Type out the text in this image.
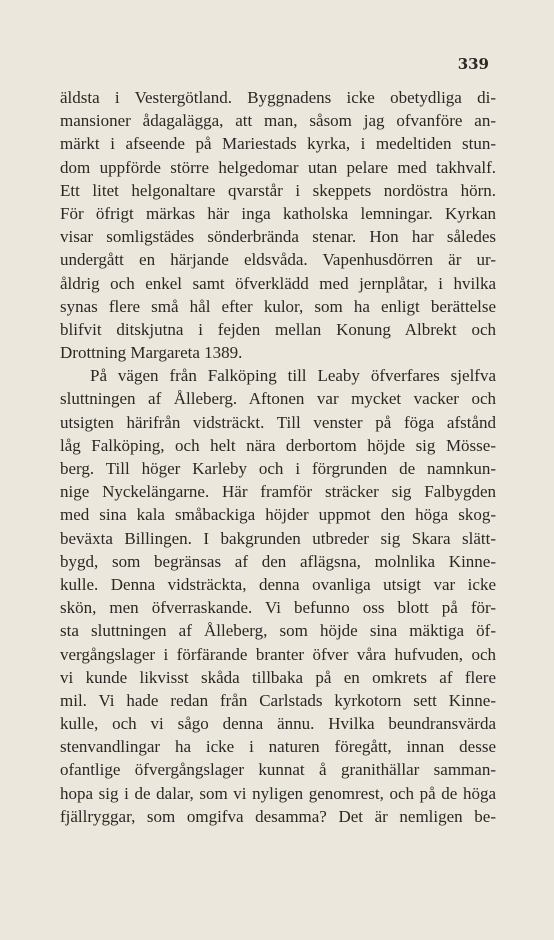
339
äldsta i Vestergötland. Byggnadens icke obetydliga di-
mansioner ådagalägga, att man, såsom jag ofvanföre an-
märkt i afseende på Mariestads kyrka, i medeltiden stun-
dom uppförde större helgedomar utan pelare med takhvalf.
Ett litet helgonaltare qvarstår i skeppets nordöstra hörn.
För öfrigt märkas här inga katholska lemningar. Kyrkan
visar somligstädes sönderbrända stenar. Hon har således
undergått en härjande eldsvåda. Vapenhusdörren är ur-
åldrig och enkel samt öfverklädd med jernplåtar, i hvilka
synas flere små hål efter kulor, som ha enligt berättelse
blifvit ditskjutna i fejden mellan Konung Albrekt och
Drottning Margareta 1389.
På vägen från Falköping till Leaby öfverfares sjelfva
sluttningen af Ålleberg. Aftonen var mycket vacker och
utsigten härifrån vidsträckt. Till venster på föga afstånd
låg Falköping, och helt nära derbortom höjde sig Mösse-
berg. Till höger Karleby och i förgrunden de namnkun-
nige Nyckelängarne. Här framför sträcker sig Falbygden
med sina kala småbackiga höjder uppmot den höga skog-
beväxta Billingen. I bakgrunden utbreder sig Skara slätt-
bygd, som begränsas af den aflägsna, molnlika Kinne-
kulle. Denna vidsträckta, denna ovanliga utsigt var icke
skön, men öfverraskande. Vi befunno oss blott på för-
sta sluttningen af Ålleberg, som höjde sina mäktiga öf-
vergångslager i förfärande branter öfver våra hufvuden, och
vi kunde likvisst skåda tillbaka på en omkrets af flere
mil. Vi hade redan från Carlstads kyrkotorn sett Kinne-
kulle, och vi sågo denna ännu. Hvilka beundransvärda
stenvandlingar ha icke i naturen föregått, innan desse
ofantlige öfvergångslager kunnat å granithällar samman-
hopa sig i de dalar, som vi nyligen genomrest, och på de höga
fjällryggar, som omgifva desamma? Det är nemligen be-
